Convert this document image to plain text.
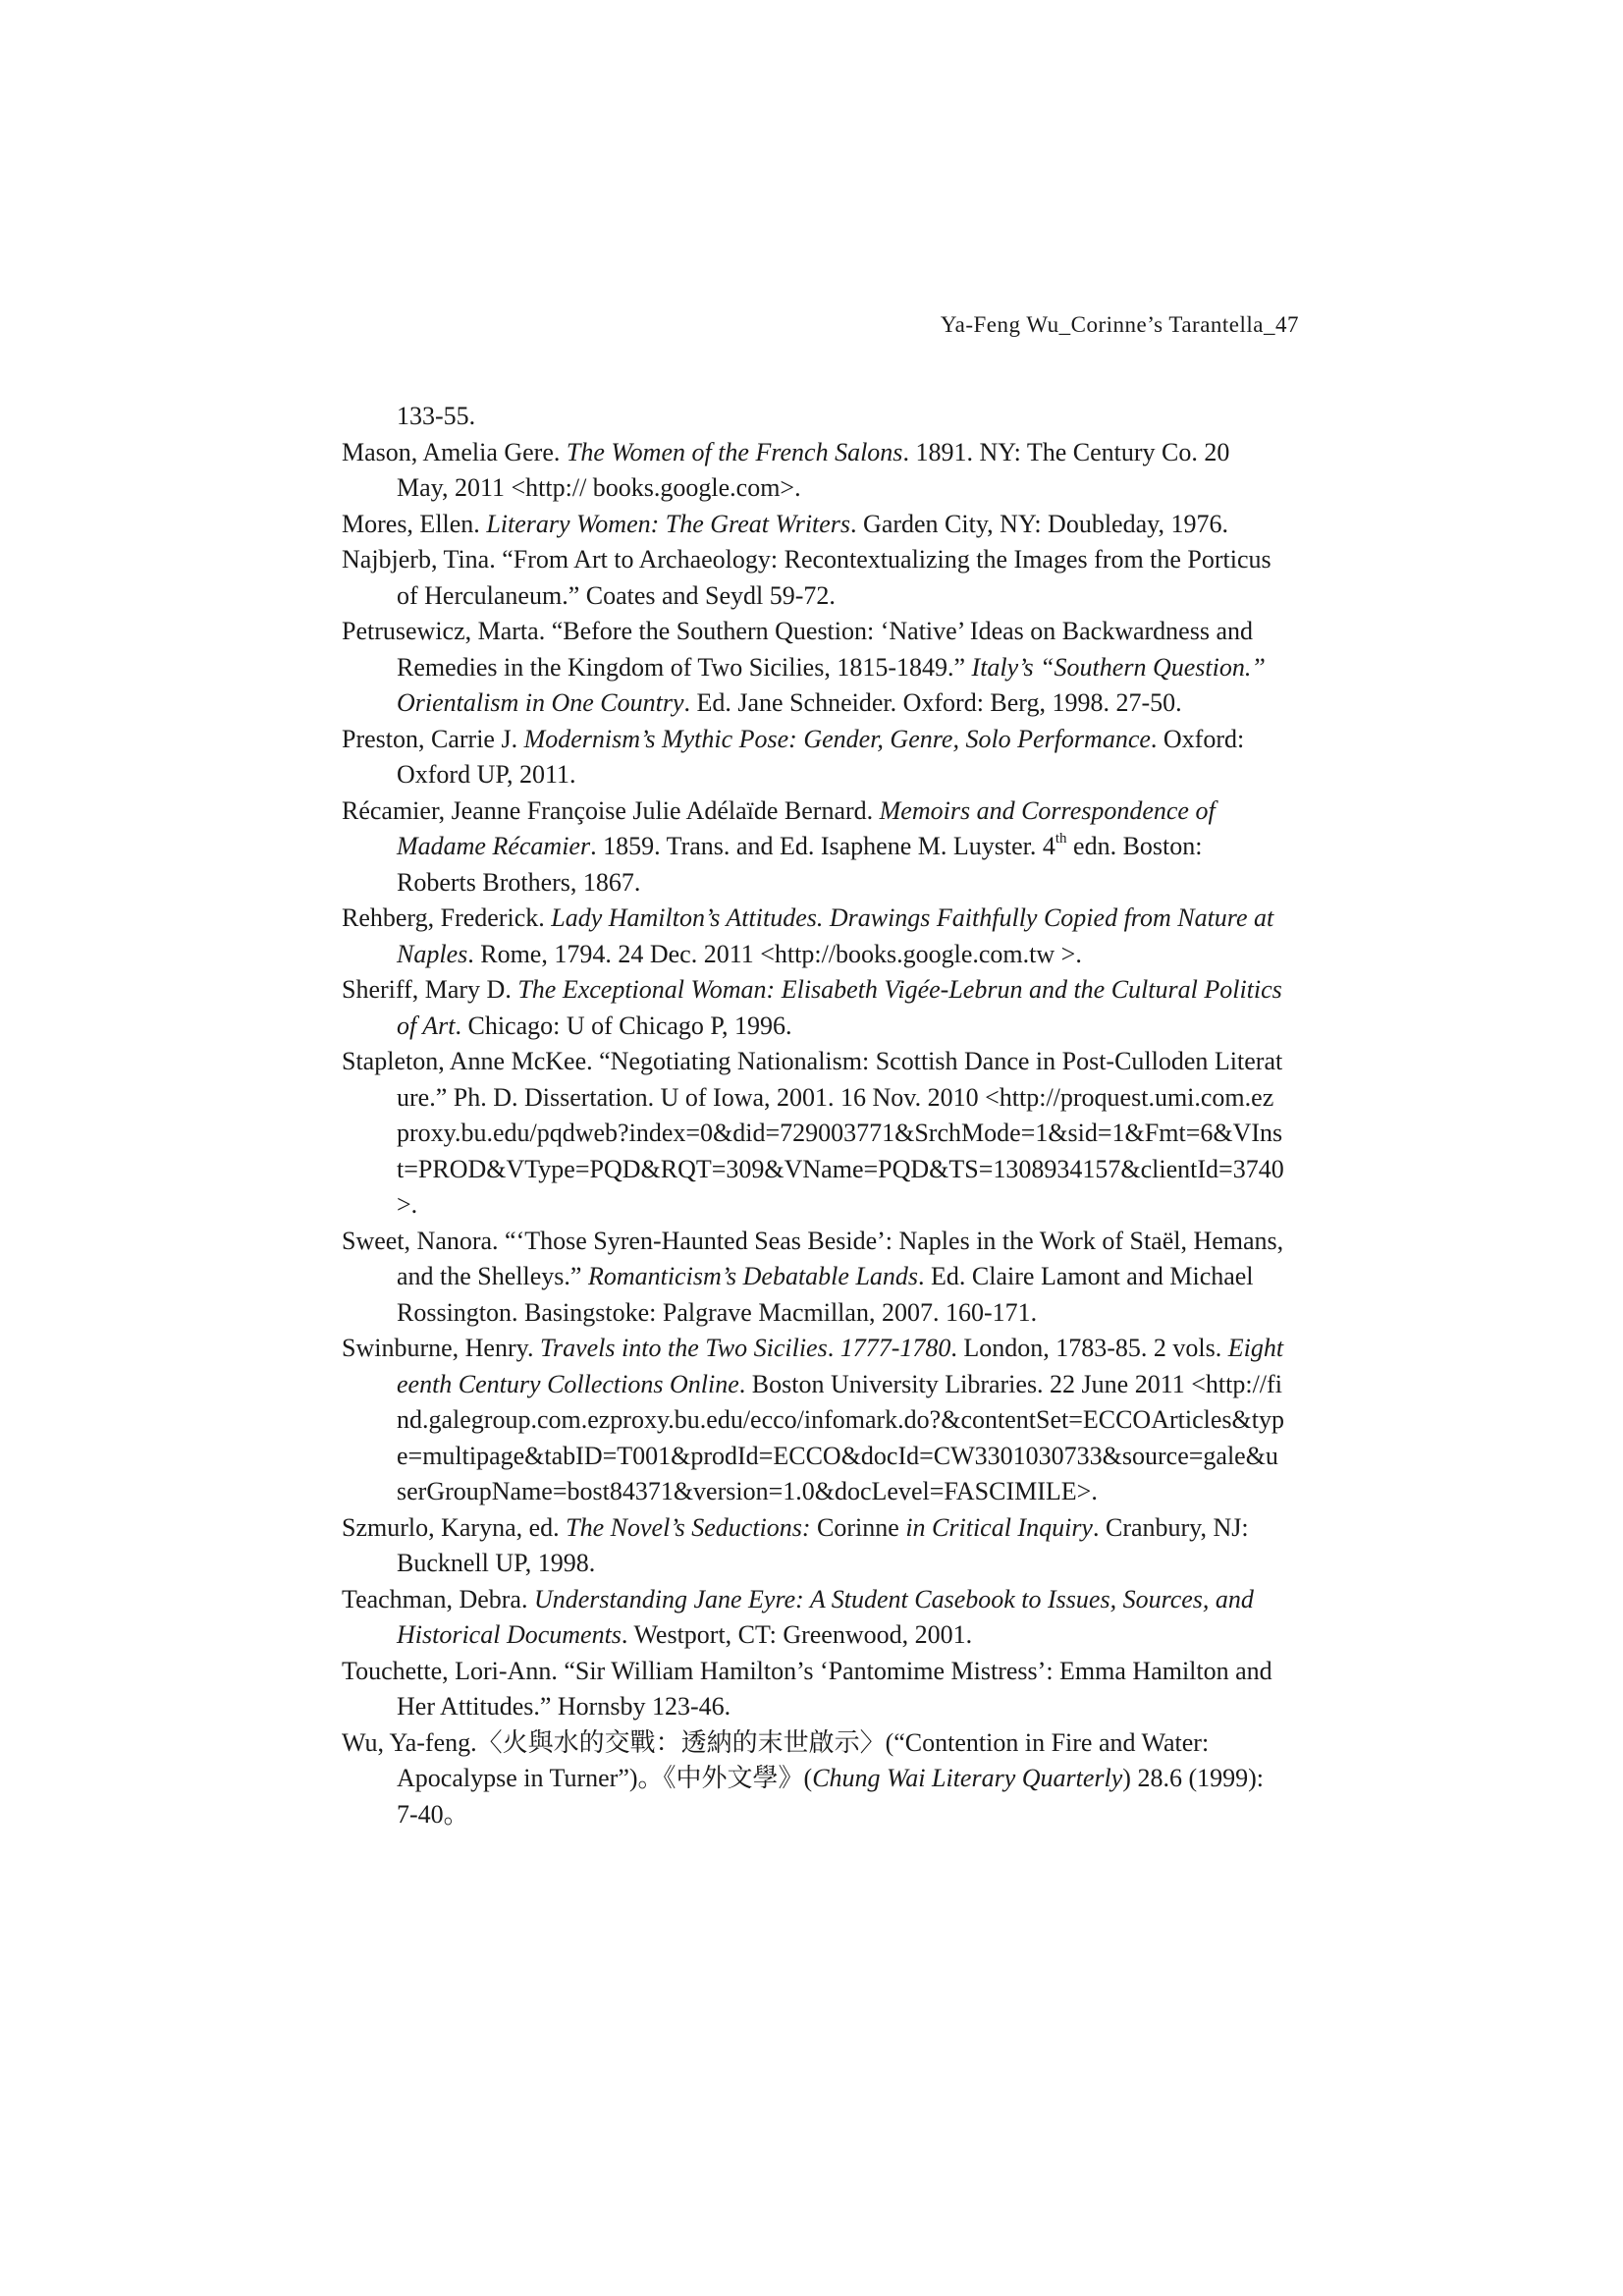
Ya-Feng Wu_Corinne’s Tarantella_47
133-55.

Mason, Amelia Gere. The Women of the French Salons. 1891. NY: The Century Co. 20 May, 2011 <http:// books.google.com>.

Mores, Ellen. Literary Women: The Great Writers. Garden City, NY: Doubleday, 1976.

Najbjerb, Tina. “From Art to Archaeology: Recontextualizing the Images from the Porticus of Herculaneum.” Coates and Seydl 59-72.

Petrusewicz, Marta. “Before the Southern Question: ‘Native’ Ideas on Backwardness and Remedies in the Kingdom of Two Sicilies, 1815-1849.” Italy’s “Southern Question.” Orientalism in One Country. Ed. Jane Schneider. Oxford: Berg, 1998. 27-50.

Preston, Carrie J. Modernism’s Mythic Pose: Gender, Genre, Solo Performance. Oxford: Oxford UP, 2011.

Récamier, Jeanne Françoise Julie Adélaïde Bernard. Memoirs and Correspondence of Madame Récamier. 1859. Trans. and Ed. Isaphene M. Luyster. 4th edn. Boston: Roberts Brothers, 1867.

Rehberg, Frederick. Lady Hamilton’s Attitudes. Drawings Faithfully Copied from Nature at Naples. Rome, 1794. 24 Dec. 2011 <http://books.google.com.tw >.

Sheriff, Mary D. The Exceptional Woman: Elisabeth Vigée-Lebrun and the Cultural Politics of Art. Chicago: U of Chicago P, 1996.

Stapleton, Anne McKee. “Negotiating Nationalism: Scottish Dance in Post-Culloden Literature.” Ph. D. Dissertation. U of Iowa, 2001. 16 Nov. 2010 <http://proquest.umi.com.ezproxy.bu.edu/pqdweb?index=0&did=729003771&SrchMode=1&sid=1&Fmt=6&VInst=PROD&VType=PQD&RQT=309&VName=PQD&TS=1308934157&clientId=3740 >.

Sweet, Nanora. “‘Those Syren-Haunted Seas Beside’: Naples in the Work of Staël, Hemans, and the Shelleys.” Romanticism’s Debatable Lands. Ed. Claire Lamont and Michael Rossington. Basingstoke: Palgrave Macmillan, 2007. 160-171.

Swinburne, Henry. Travels into the Two Sicilies. 1777-1780. London, 1783-85. 2 vols. Eighteenth Century Collections Online. Boston University Libraries. 22 June 2011 <http://find.galegroup.com.ezproxy.bu.edu/ecco/infomark.do?&contentSet=ECCOArticles&type=multipage&tabID=T001&prodId=ECCO&docId=CW3301030733&source=gale&userGroupName=bost84371&version=1.0&docLevel=FASCIMILE>.

Szmurlo, Karyna, ed. The Novel’s Seductions: Corinne in Critical Inquiry. Cranbury, NJ: Bucknell UP, 1998.

Teachman, Debra. Understanding Jane Eyre: A Student Casebook to Issues, Sources, and Historical Documents. Westport, CT: Greenwood, 2001.

Touchette, Lori-Ann. “Sir William Hamilton’s ‘Pantomime Mistress’: Emma Hamilton and Her Attitudes.” Hornsby 123-46.

Wu, Ya-feng.〈火與水的交戰：透納的末世啟示〉(“Contention in Fire and Water: Apocalypse in Turner”)。《中外文學》(Chung Wai Literary Quarterly) 28.6 (1999): 7-40。
